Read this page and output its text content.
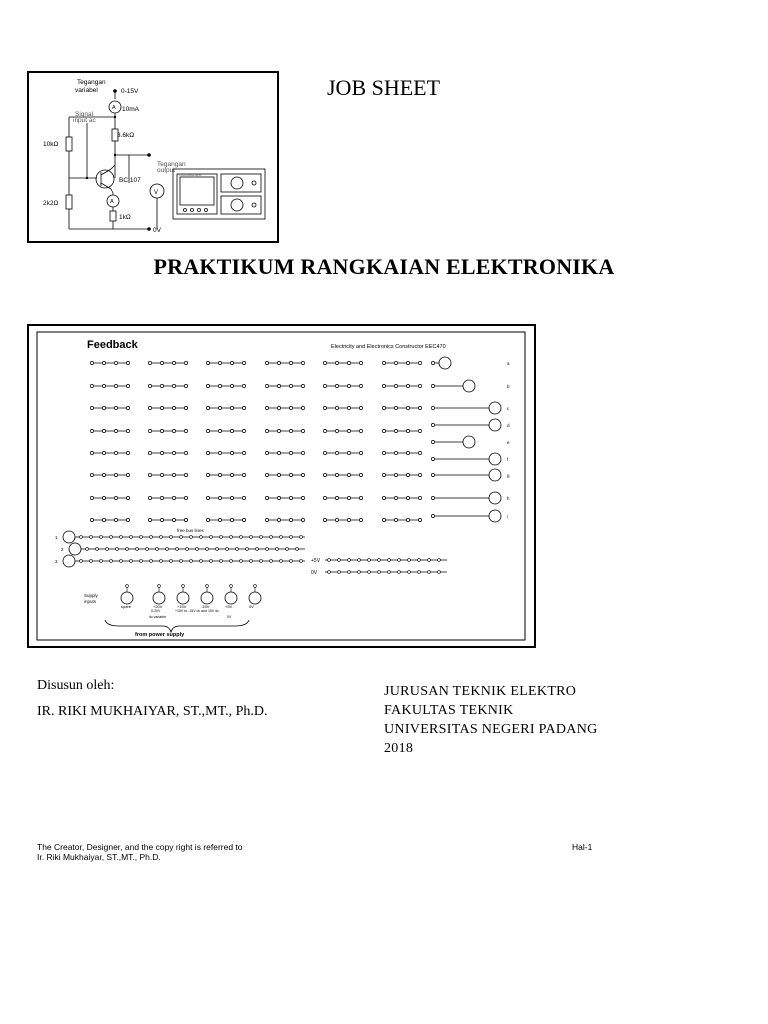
Tegangan
variabel	0-15V
A 10mA
Signal
input ac
3.6kΩ
10kΩ
Tegangan
output
BC 107
V
A
2k2Ω
1kΩ
0V
Oscilloscope
JOB SHEET
PRAKTIKUM RANGKAIAN ELEKTRONIKA
Feedback	Electricity and Electronics Constructor EEC470
a
b
c
d
e
f
g
h
i
1
2
3
free bus lines
+5V
0V
spare	+20V	+15V	-15V	+5V	0V
Supply
inputs
0-20V	+15V to -15V dc and 15V dc
dc variable	0V
from power supply
Disusun oleh:
IR. RIKI MUKHAIYAR, ST.,MT., Ph.D.
JURUSAN TEKNIK ELEKTRO
FAKULTAS TEKNIK
UNIVERSITAS NEGERI PADANG
2018
The Creator, Designer, and the copy right is referred to
Ir. Riki Mukhaiyar, ST.,MT., Ph.D.
Hal-1
